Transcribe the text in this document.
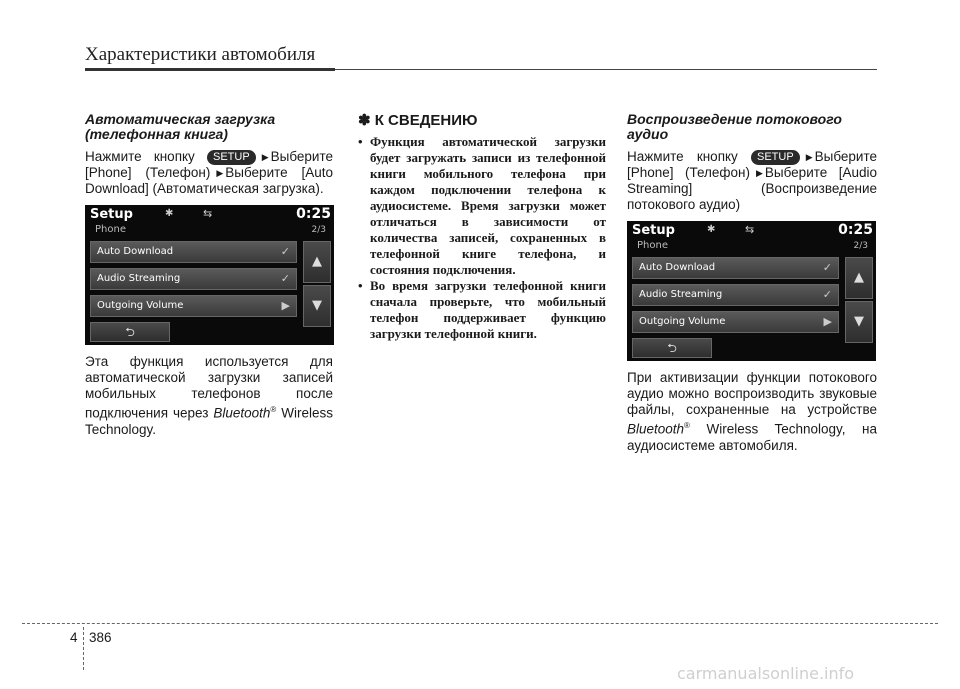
Характеристики автомобиля
Автоматическая загрузка
(телефонная книга)
Нажмите кнопку SETUP ▶ Выберите [Phone] (Телефон) ▶ Выберите [Auto Download] (Автоматическая загрузка).
Setup	✱	⇆	0:25
Phone	2/3
Auto Download	✓
Audio Streaming	✓
Outgoing Volume	▶
▲
▼
⮌
Эта функция используется для автоматической загрузки записей мобильных телефонов после подключения через Bluetooth® Wireless Technology.
✽ К СВЕДЕНИЮ
• Функция автоматической загрузки будет загружать записи из телефонной книги мобильного телефона при каждом подключении телефона к аудиосистеме. Время загрузки может отличаться в зависимости от количества записей, сохраненных в телефонной книге телефона, и состояния подключения.
• Во время загрузки телефонной книги сначала проверьте, что мобильный телефон поддерживает функцию загрузки телефонной книги.
Воспроизведение потокового
аудио
Нажмите кнопку SETUP ▶ Выберите [Phone] (Телефон) ▶ Выберите [Audio Streaming] (Воспроизведение потокового аудио)
Setup	✱	⇆	0:25
Phone	2/3
Auto Download	✓
Audio Streaming	✓
Outgoing Volume	▶
▲
▼
⮌
При активизации функции потокового аудио можно воспроизводить звуковые файлы, сохраненные на устройстве Bluetooth® Wireless Technology, на аудиосистеме автомобиля.
4 386
carmanualsonline.info
